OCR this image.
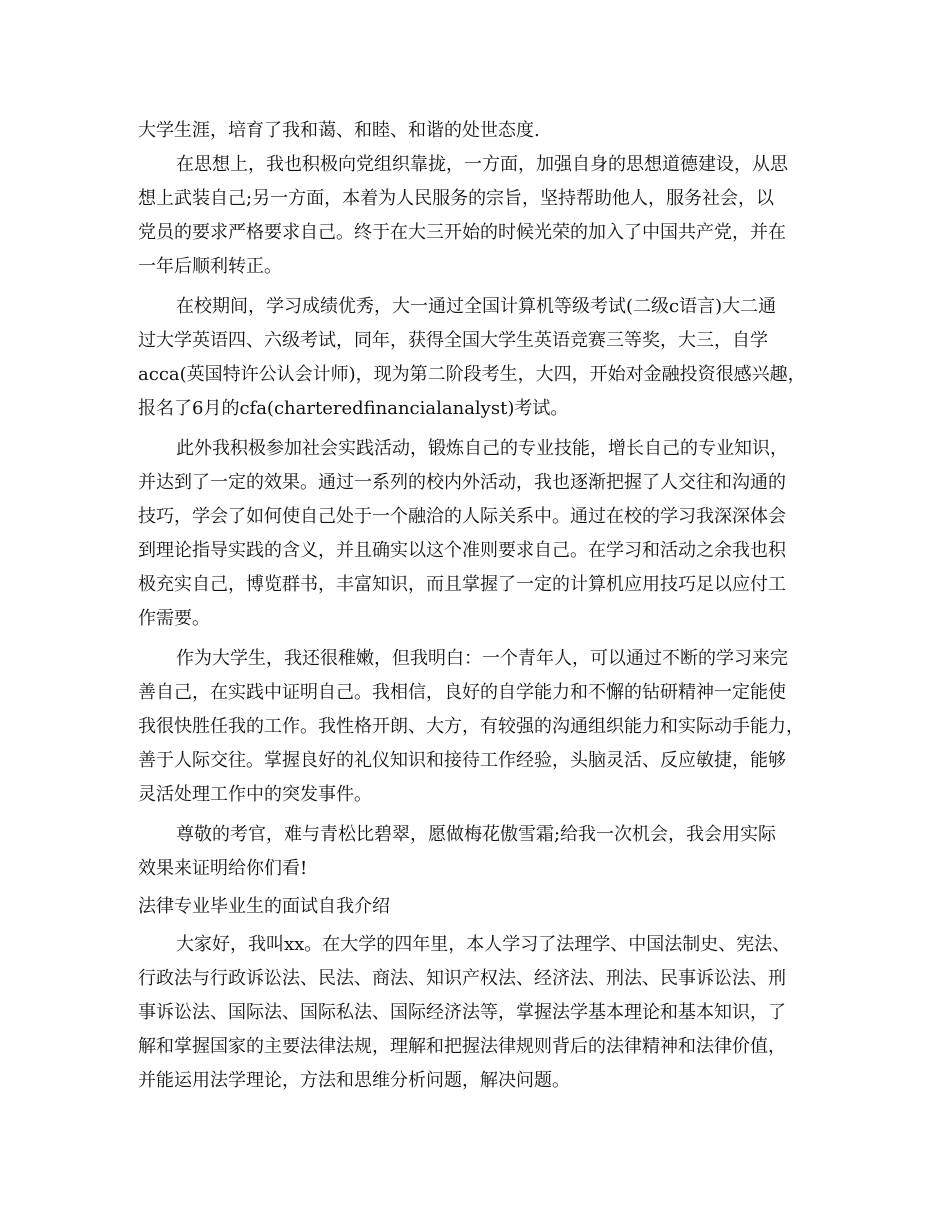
大学生涯，培育了我和蔼、和睦、和谐的处世态度.
在思想上，我也积极向党组织靠拢，一方面，加强自身的思想道德建设，从思
想上武装自己;另一方面，本着为人民服务的宗旨，坚持帮助他人，服务社会，以
党员的要求严格要求自己。终于在大三开始的时候光荣的加入了中国共产党，并在
一年后顺利转正。
在校期间，学习成绩优秀，大一通过全国计算机等级考试(二级c语言)大二通
过大学英语四、六级考试，同年，获得全国大学生英语竞赛三等奖，大三，自学
acca(英国特许公认会计师)，现为第二阶段考生，大四，开始对金融投资很感兴趣，
报名了6月的cfa(charteredfinancialanalyst)考试。
此外我积极参加社会实践活动，锻炼自己的专业技能，增长自己的专业知识，
并达到了一定的效果。通过一系列的校内外活动，我也逐渐把握了人交往和沟通的
技巧，学会了如何使自己处于一个融洽的人际关系中。通过在校的学习我深深体会
到理论指导实践的含义，并且确实以这个准则要求自己。在学习和活动之余我也积
极充实自己，博览群书，丰富知识，而且掌握了一定的计算机应用技巧足以应付工
作需要。
作为大学生，我还很稚嫩，但我明白：一个青年人，可以通过不断的学习来完
善自己，在实践中证明自己。我相信，良好的自学能力和不懈的钻研精神一定能使
我很快胜任我的工作。我性格开朗、大方，有较强的沟通组织能力和实际动手能力，
善于人际交往。掌握良好的礼仪知识和接待工作经验，头脑灵活、反应敏捷，能够
灵活处理工作中的突发事件。
尊敬的考官，难与青松比碧翠，愿做梅花傲雪霜;给我一次机会，我会用实际
效果来证明给你们看!
法律专业毕业生的面试自我介绍
大家好，我叫xx。在大学的四年里，本人学习了法理学、中国法制史、宪法、
行政法与行政诉讼法、民法、商法、知识产权法、经济法、刑法、民事诉讼法、刑
事诉讼法、国际法、国际私法、国际经济法等，掌握法学基本理论和基本知识，了
解和掌握国家的主要法律法规，理解和把握法律规则背后的法律精神和法律价值，
并能运用法学理论，方法和思维分析问题，解决问题。
